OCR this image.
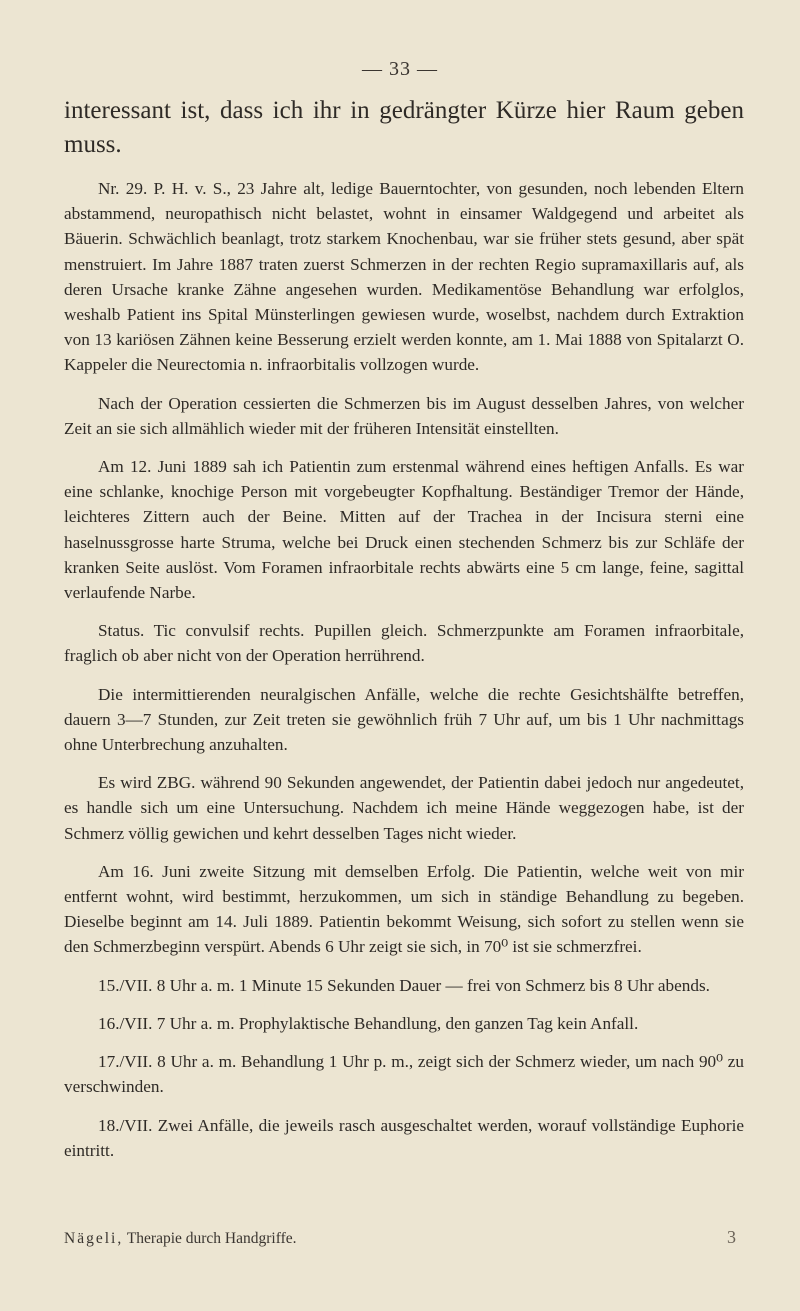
— 33 —
interessant ist, dass ich ihr in gedrängter Kürze hier Raum geben muss.

Nr. 29. P. H. v. S., 23 Jahre alt, ledige Bauerntochter, von gesunden, noch lebenden Eltern abstammend, neuropathisch nicht belastet, wohnt in einsamer Waldgegend und arbeitet als Bäuerin. Schwächlich beanlagt, trotz starkem Knochenbau, war sie früher stets gesund, aber spät menstruiert. Im Jahre 1887 traten zuerst Schmerzen in der rechten Regio supramaxillaris auf, als deren Ursache kranke Zähne angesehen wurden. Medikamentöse Behandlung war erfolglos, weshalb Patient ins Spital Münsterlingen gewiesen wurde, woselbst, nachdem durch Extraktion von 13 kariösen Zähnen keine Besserung erzielt werden konnte, am 1. Mai 1888 von Spitalarzt O. Kappeler die Neurectomia n. infraorbitalis vollzogen wurde.

Nach der Operation cessierten die Schmerzen bis im August desselben Jahres, von welcher Zeit an sie sich allmählich wieder mit der früheren Intensität einstellten.

Am 12. Juni 1889 sah ich Patientin zum erstenmal während eines heftigen Anfalls. Es war eine schlanke, knochige Person mit vorgebeugter Kopfhaltung. Beständiger Tremor der Hände, leichteres Zittern auch der Beine. Mitten auf der Trachea in der Incisura sterni eine haselnussgrosse harte Struma, welche bei Druck einen stechenden Schmerz bis zur Schläfe der kranken Seite auslöst. Vom Foramen infraorbitale rechts abwärts eine 5 cm lange, feine, sagittal verlaufende Narbe.

Status. Tic convulsif rechts. Pupillen gleich. Schmerzpunkte am Foramen infraorbitale, fraglich ob aber nicht von der Operation herrührend.

Die intermittierenden neuralgischen Anfälle, welche die rechte Gesichtshälfte betreffen, dauern 3—7 Stunden, zur Zeit treten sie gewöhnlich früh 7 Uhr auf, um bis 1 Uhr nachmittags ohne Unterbrechung anzuhalten.

Es wird ZBG. während 90 Sekunden angewendet, der Patientin dabei jedoch nur angedeutet, es handle sich um eine Untersuchung. Nachdem ich meine Hände weggezogen habe, ist der Schmerz völlig gewichen und kehrt desselben Tages nicht wieder.

Am 16. Juni zweite Sitzung mit demselben Erfolg. Die Patientin, welche weit von mir entfernt wohnt, wird bestimmt, herzukommen, um sich in ständige Behandlung zu begeben. Dieselbe beginnt am 14. Juli 1889. Patientin bekommt Weisung, sich sofort zu stellen wenn sie den Schmerzbeginn verspürt. Abends 6 Uhr zeigt sie sich, in 70⁰ ist sie schmerzfrei.

15./VII. 8 Uhr a. m. 1 Minute 15 Sekunden Dauer — frei von Schmerz bis 8 Uhr abends.

16./VII. 7 Uhr a. m. Prophylaktische Behandlung, den ganzen Tag kein Anfall.

17./VII. 8 Uhr a. m. Behandlung 1 Uhr p. m., zeigt sich der Schmerz wieder, um nach 90⁰ zu verschwinden.

18./VII. Zwei Anfälle, die jeweils rasch ausgeschaltet werden, worauf vollständige Euphorie eintritt.

Nägeli, Therapie durch Handgriffe.	3
